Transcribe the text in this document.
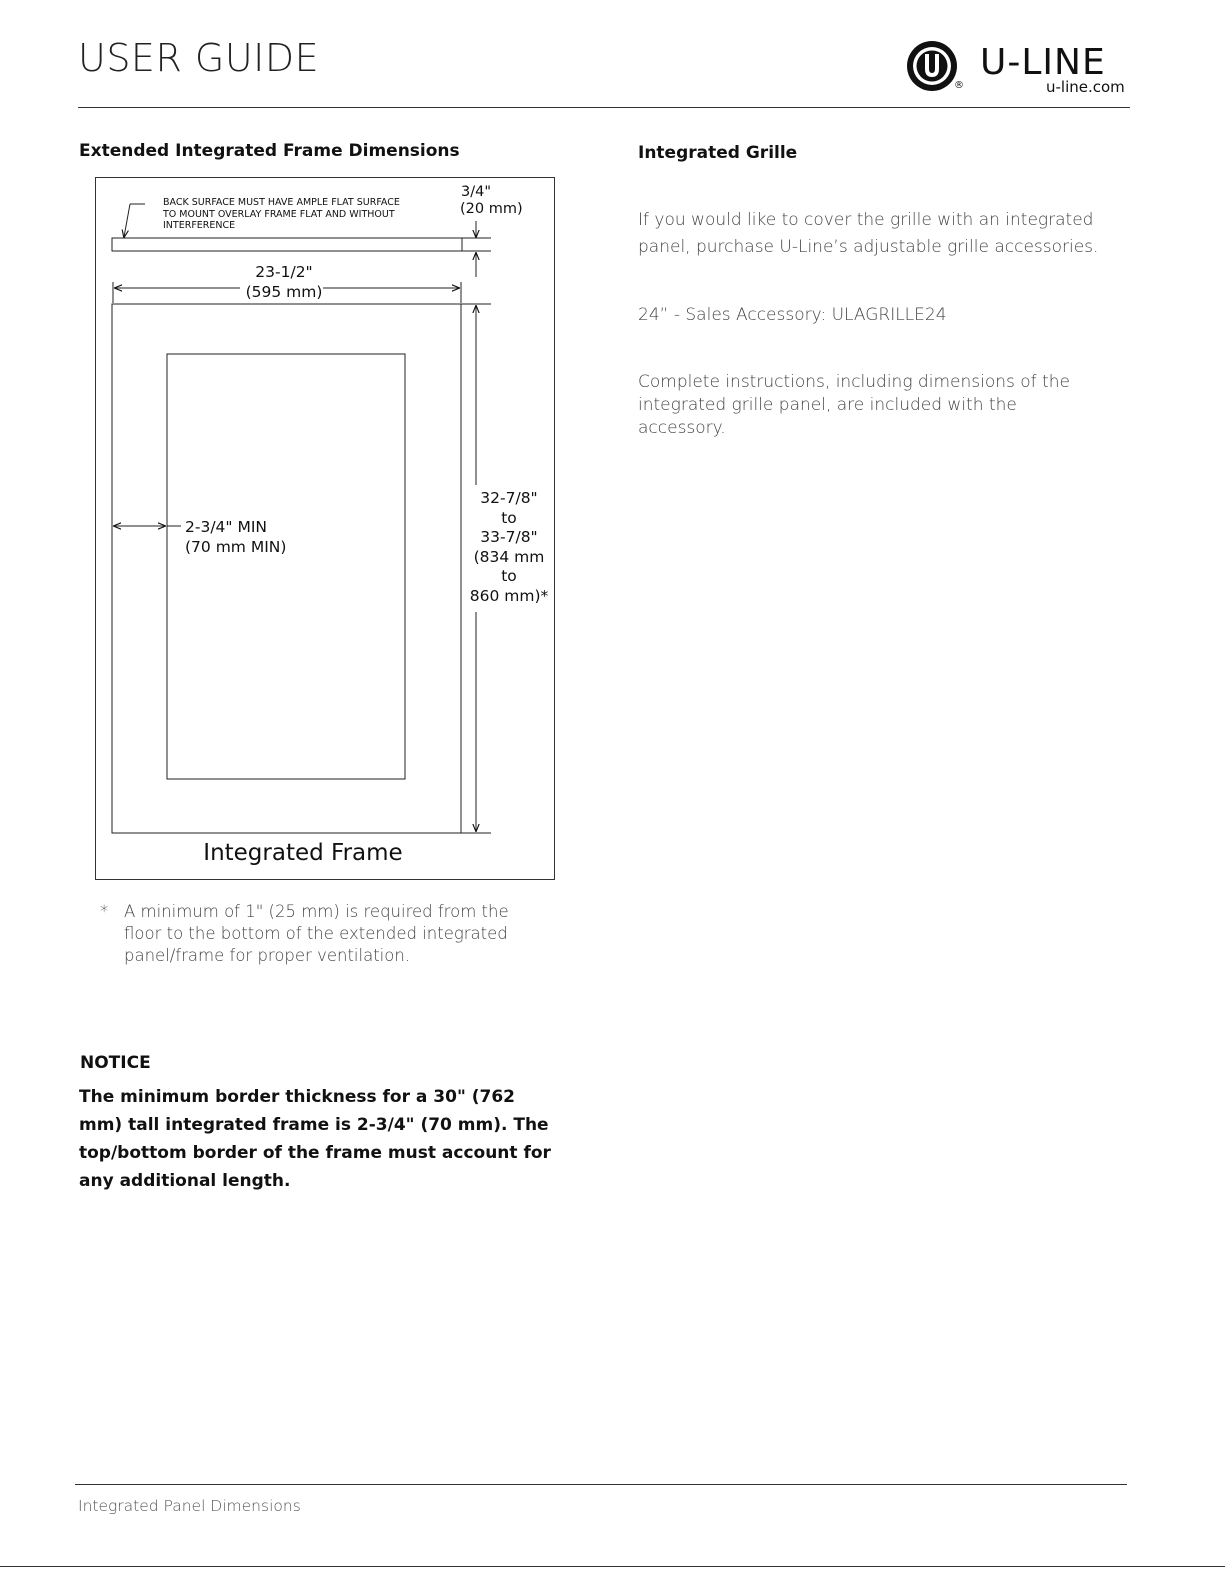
USER GUIDE
®
U-LINE
u-line.com
Extended Integrated Frame Dimensions
BACK SURFACE MUST HAVE AMPLE FLAT SURFACE
TO MOUNT OVERLAY FRAME FLAT AND WITHOUT
INTERFERENCE
3/4"
(20 mm)
23-1/2"
(595 mm)
2-3/4" MIN
(70 mm MIN)
32-7/8"
to
33-7/8"
(834 mm
to
860 mm)*
Integrated Frame
* A minimum of 1" (25 mm) is required from the floor to the bottom of the extended integrated panel/frame for proper ventilation.
NOTICE
The minimum border thickness for a 30" (762 mm) tall integrated frame is 2-3/4" (70 mm). The top/bottom border of the frame must account for any additional length.
Integrated Grille
If you would like to cover the grille with an integrated panel, purchase U-Line’s adjustable grille accessories.
24” - Sales Accessory: ULAGRILLE24
Complete instructions, including dimensions of the integrated grille panel, are included with the accessory.
Integrated Panel Dimensions
